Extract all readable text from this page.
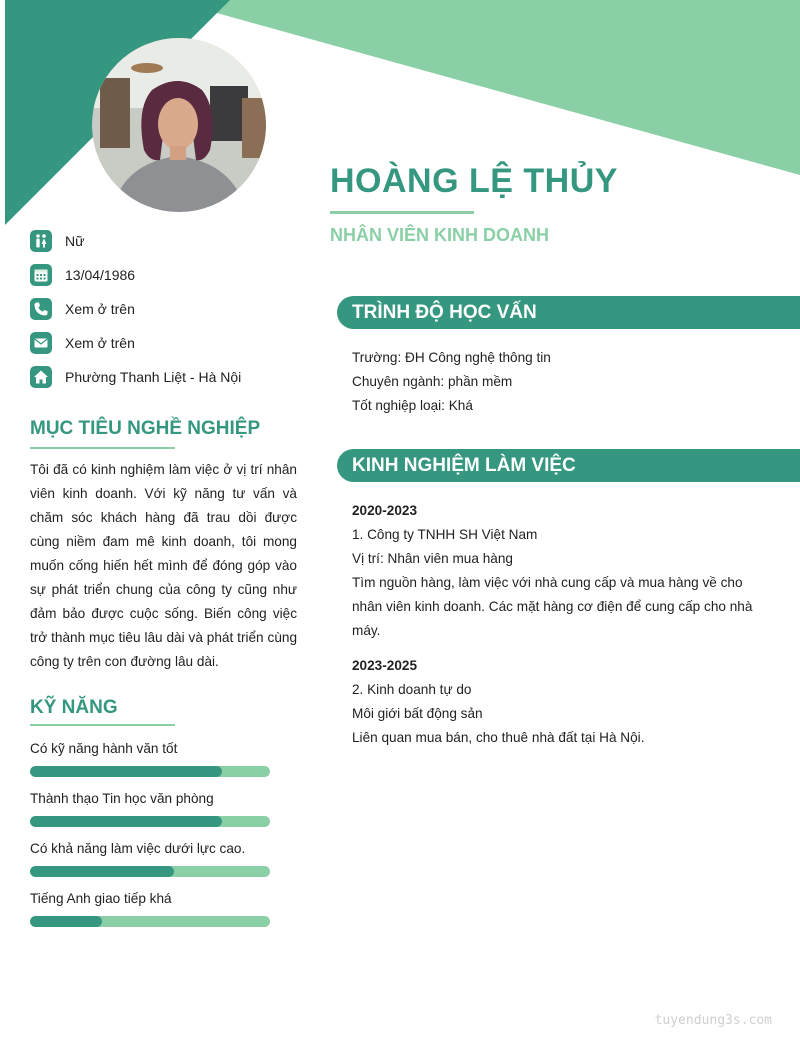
HOÀNG LỆ THỦY
NHÂN VIÊN KINH DOANH
Nữ
13/04/1986
Xem ở trên
Xem ở trên
Phường Thanh Liệt - Hà Nội
MỤC TIÊU NGHỀ NGHIỆP

Tôi đã có kinh nghiệm làm việc ở vị trí nhân viên kinh doanh. Với kỹ năng tư vấn và chăm sóc khách hàng đã trau dồi được cùng niềm đam mê kinh doanh, tôi mong muốn cống hiến hết mình để đóng góp vào sự phát triển chung của công ty cũng như đảm bảo được cuộc sống. Biến công việc trở thành mục tiêu lâu dài và phát triển cùng công ty trên con đường lâu dài.

KỸ NĂNG
Có kỹ năng hành văn tốt
Thành thạo Tin học văn phòng
Có khả năng làm việc dưới lực cao.
Tiếng Anh giao tiếp khá
TRÌNH ĐỘ HỌC VẤN
Trường: ĐH Công nghệ thông tin
Chuyên ngành: phần mềm
Tốt nghiệp loại: Khá
KINH NGHIỆM LÀM VIỆC
2020-2023
1. Công ty TNHH SH Việt Nam
Vị trí: Nhân viên mua hàng

Tìm nguồn hàng, làm việc với nhà cung cấp và mua hàng về cho nhân viên kinh doanh. Các mặt hàng cơ điện để cung cấp cho nhà máy.

2023-2025
2. Kinh doanh tự do
Môi giới bất động sản

Liên quan mua bán, cho thuê nhà đất tại Hà Nội.

tuyendung3s.com
